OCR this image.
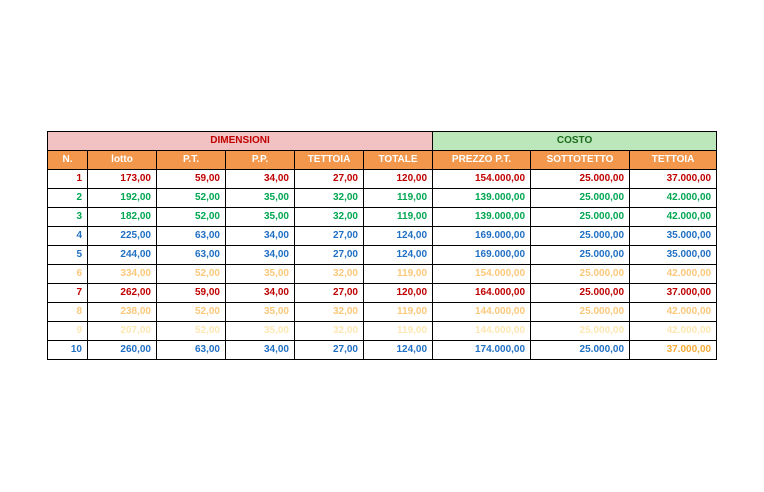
DIMENSIONI						COSTO		
N.	lotto	P.T.	P.P.	TETTOIA	TOTALE	PREZZO P.T.	SOTTOTETTO	TETTOIA
1	173,00	59,00	34,00	27,00	120,00	154.000,00	25.000,00	37.000,00
2	192,00	52,00	35,00	32,00	119,00	139.000,00	25.000,00	42.000,00
3	182,00	52,00	35,00	32,00	119,00	139.000,00	25.000,00	42.000,00
4	225,00	63,00	34,00	27,00	124,00	169.000,00	25.000,00	35.000,00
5	244,00	63,00	34,00	27,00	124,00	169.000,00	25.000,00	35.000,00
6	334,00	52,00	35,00	32,00	119,00	154.000,00	25.000,00	42.000,00
7	262,00	59,00	34,00	27,00	120,00	164.000,00	25.000,00	37.000,00
8	238,00	52,00	35,00	32,00	119,00	144.000,00	25.000,00	42.000,00
9	207,00	52,00	35,00	32,00	119,00	144.000,00	25.000,00	42.000,00
10	260,00	63,00	34,00	27,00	124,00	174.000,00	25.000,00	37.000,00
